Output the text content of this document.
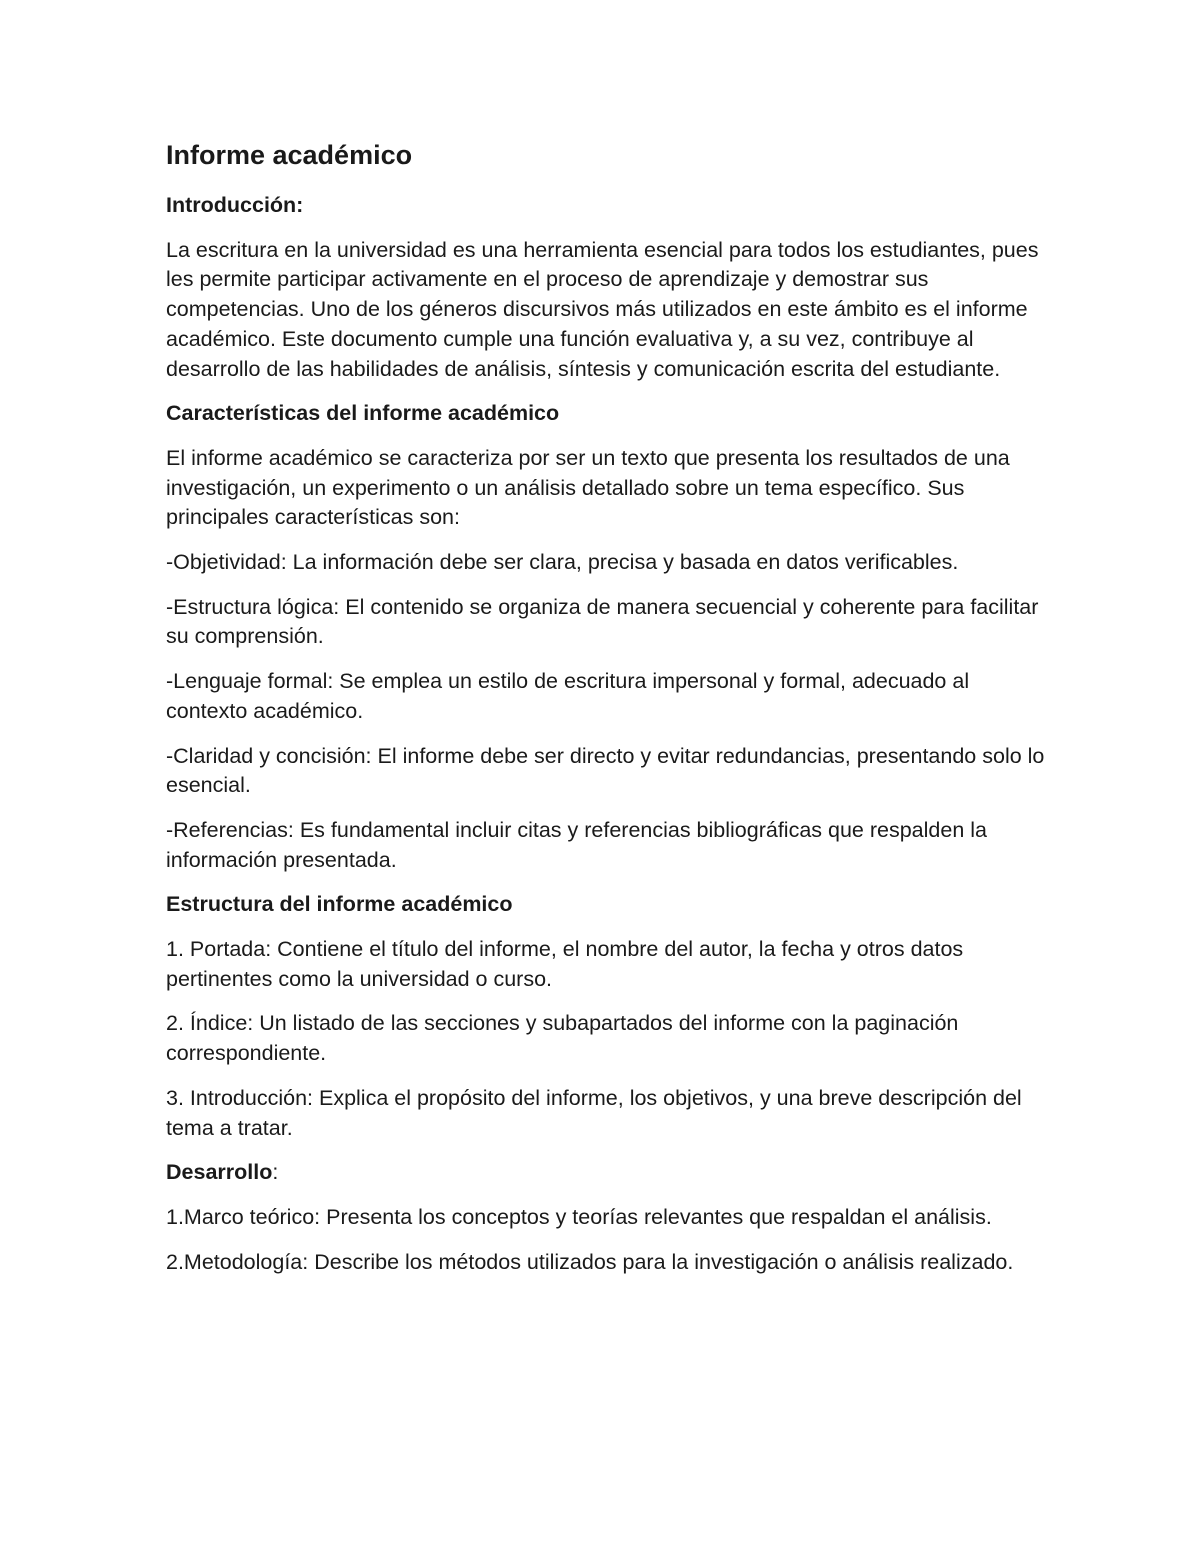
Informe académico
Introducción:

La escritura en la universidad es una herramienta esencial para todos los estudiantes, pues les permite participar activamente en el proceso de aprendizaje y demostrar sus competencias. Uno de los géneros discursivos más utilizados en este ámbito es el informe académico. Este documento cumple una función evaluativa y, a su vez, contribuye al desarrollo de las habilidades de análisis, síntesis y comunicación escrita del estudiante.

Características del informe académico

El informe académico se caracteriza por ser un texto que presenta los resultados de una investigación, un experimento o un análisis detallado sobre un tema específico. Sus principales características son:

-Objetividad: La información debe ser clara, precisa y basada en datos verificables.

-Estructura lógica: El contenido se organiza de manera secuencial y coherente para facilitar su comprensión.

-Lenguaje formal: Se emplea un estilo de escritura impersonal y formal, adecuado al contexto académico.

-Claridad y concisión: El informe debe ser directo y evitar redundancias, presentando solo lo esencial.

-Referencias: Es fundamental incluir citas y referencias bibliográficas que respalden la información presentada.

Estructura del informe académico

1. Portada: Contiene el título del informe, el nombre del autor, la fecha y otros datos pertinentes como la universidad o curso.

2. Índice: Un listado de las secciones y subapartados del informe con la paginación correspondiente.

3. Introducción: Explica el propósito del informe, los objetivos, y una breve descripción del tema a tratar.

Desarrollo:

1.Marco teórico: Presenta los conceptos y teorías relevantes que respaldan el análisis.

2.Metodología: Describe los métodos utilizados para la investigación o análisis realizado.
